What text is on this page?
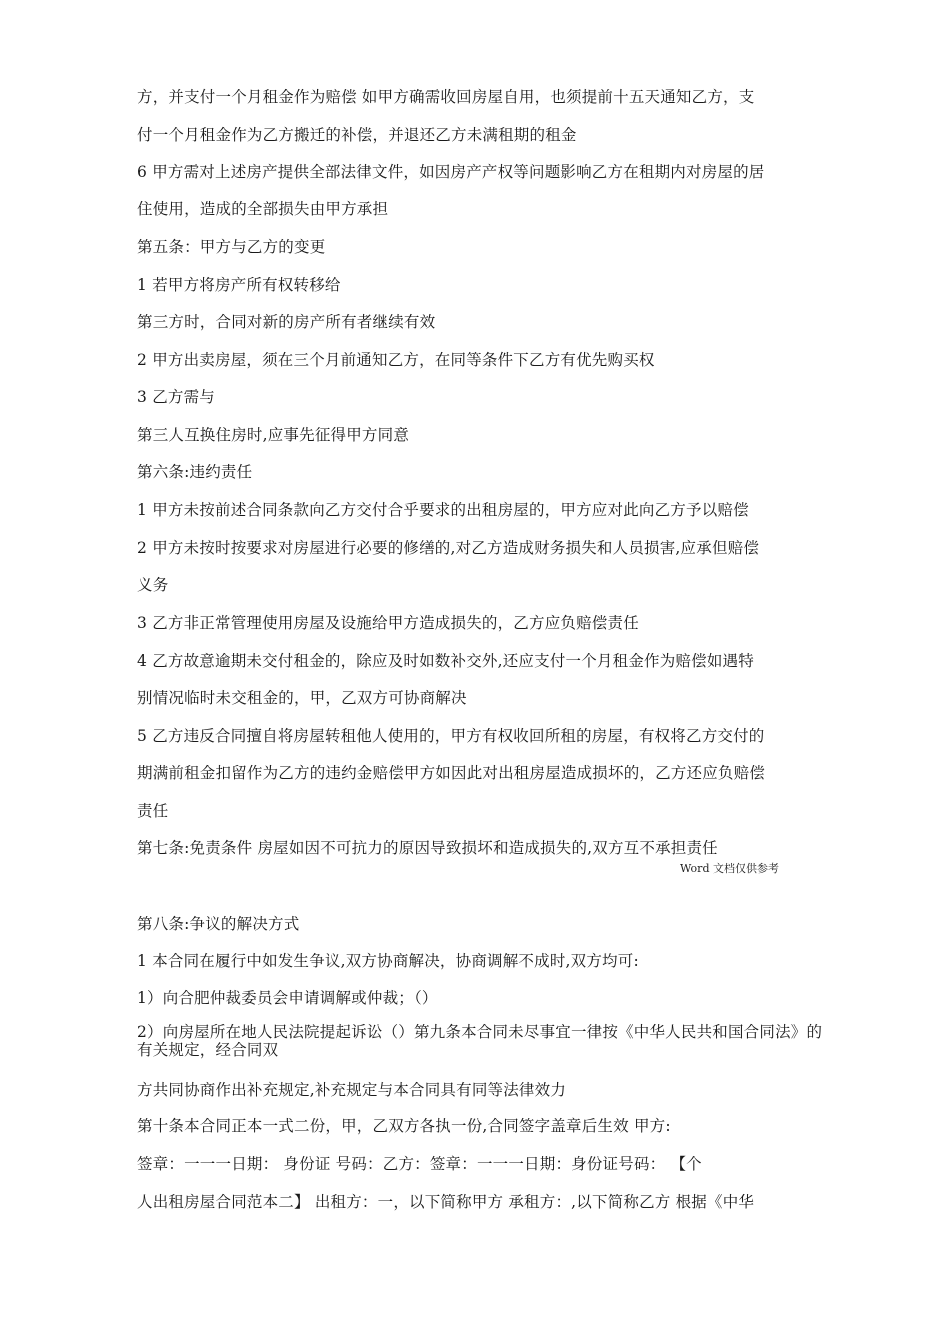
方，并支付一个月租金作为赔偿 如甲方确需收回房屋自用，也须提前十五天通知乙方，支
付一个月租金作为乙方搬迁的补偿，并退还乙方未满租期的租金
6 甲方需对上述房产提供全部法律文件，如因房产产权等问题影响乙方在租期内对房屋的居
住使用，造成的全部损失由甲方承担
第五条：甲方与乙方的变更
1 若甲方将房产所有权转移给
第三方时，合同对新的房产所有者继续有效
2 甲方出卖房屋，须在三个月前通知乙方，在同等条件下乙方有优先购买权
3 乙方需与
第三人互换住房时,应事先征得甲方同意
第六条:违约责任
1 甲方未按前述合同条款向乙方交付合乎要求的出租房屋的，甲方应对此向乙方予以赔偿
2 甲方未按时按要求对房屋进行必要的修缮的,对乙方造成财务损失和人员损害,应承但赔偿
义务
3 乙方非正常管理使用房屋及设施给甲方造成损失的，乙方应负赔偿责任
4 乙方故意逾期未交付租金的，除应及时如数补交外,还应支付一个月租金作为赔偿如遇特
别情况临时未交租金的，甲，乙双方可协商解决
5 乙方违反合同擅自将房屋转租他人使用的，甲方有权收回所租的房屋，有权将乙方交付的
期满前租金扣留作为乙方的违约金赔偿甲方如因此对出租房屋造成损坏的，乙方还应负赔偿
责任
第七条:免责条件 房屋如因不可抗力的原因导致损坏和造成损失的,双方互不承担责任
Word 文档仅供参考
第八条:争议的解决方式
1 本合同在履行中如发生争议,双方协商解决，协商调解不成时,双方均可:
1）向合肥仲裁委员会申请调解或仲裁；（）
2）向房屋所在地人民法院提起诉讼（）第九条本合同未尽事宜一律按《中华人民共和国合同法》的有关规定，经合同双
方共同协商作出补充规定,补充规定与本合同具有同等法律效力
第十条本合同正本一式二份，甲，乙双方各执一份,合同签字盖章后生效 甲方:
签章：一一一日期： 身份证 号码：乙方：签章：一一一日期：身份证号码： 【个
人出租房屋合同范本二】 出租方：一，以下简称甲方 承租方：,以下简称乙方 根据《中华
